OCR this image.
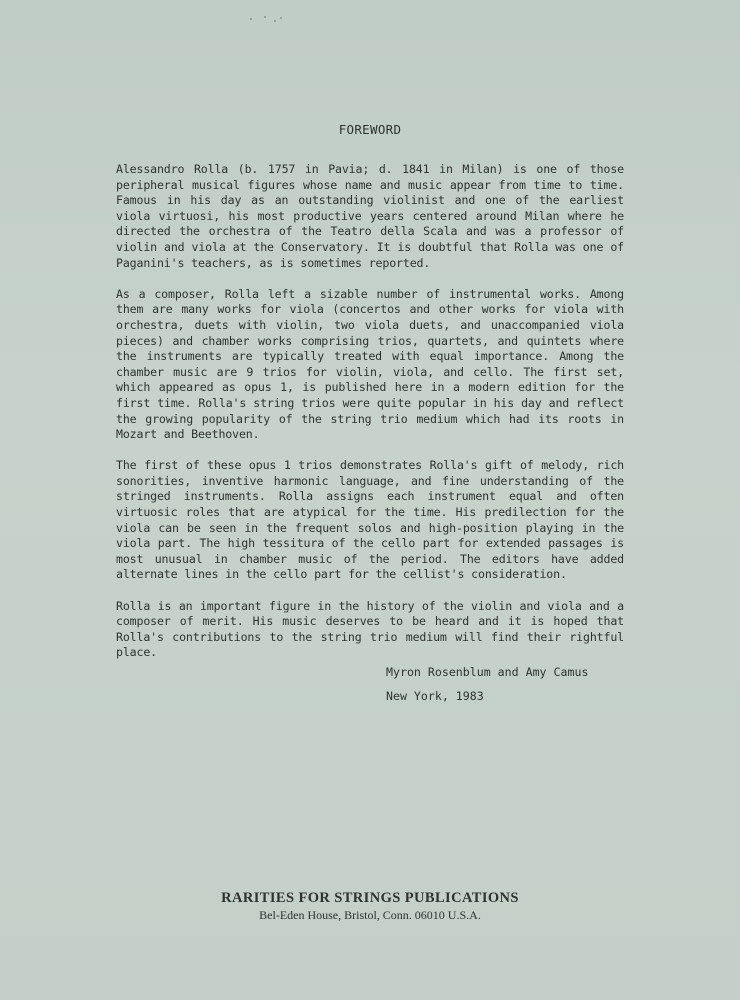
FOREWORD

Alessandro Rolla (b. 1757 in Pavia; d. 1841 in Milan) is one of those peripheral musical figures whose name and music appear from time to time. Famous in his day as an outstanding violinist and one of the earliest viola virtuosi, his most productive years centered around Milan where he directed the orchestra of the Teatro della Scala and was a professor of violin and viola at the Conservatory. It is doubtful that Rolla was one of Paganini's teachers, as is sometimes reported.

As a composer, Rolla left a sizable number of instrumental works. Among them are many works for viola (concertos and other works for viola with orchestra, duets with violin, two viola duets, and unaccompanied viola pieces) and chamber works comprising trios, quartets, and quintets where the instruments are typically treated with equal importance. Among the chamber music are 9 trios for violin, viola, and cello. The first set, which appeared as opus 1, is published here in a modern edition for the first time. Rolla's string trios were quite popular in his day and reflect the growing popularity of the string trio medium which had its roots in Mozart and Beethoven.

The first of these opus 1 trios demonstrates Rolla's gift of melody, rich sonorities, inventive harmonic language, and fine understanding of the stringed instruments. Rolla assigns each instrument equal and often virtuosic roles that are atypical for the time. His predilection for the viola can be seen in the frequent solos and high-position playing in the viola part. The high tessitura of the cello part for extended passages is most unusual in chamber music of the period. The editors have added alternate lines in the cello part for the cellist's consideration.

Rolla is an important figure in the history of the violin and viola and a composer of merit. His music deserves to be heard and it is hoped that Rolla's contributions to the string trio medium will find their rightful place.

Myron Rosenblum and Amy Camus
New York, 1983
RARITIES FOR STRINGS PUBLICATIONS
Bel-Eden House, Bristol, Conn. 06010 U.S.A.
